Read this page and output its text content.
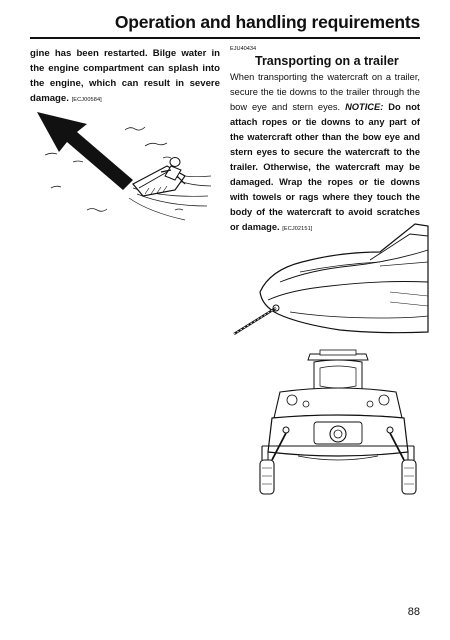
Operation and handling requirements
gine has been restarted. Bilge water in the engine compartment can splash into the engine, which can result in severe damage. [ECJ00584]
EJU40434
Transporting on a trailer
When transporting the watercraft on a trailer, secure the tie downs to the trailer through the bow eye and stern eyes. NOTICE: Do not attach ropes or tie downs to any part of the watercraft other than the bow eye and stern eyes to secure the watercraft to the trailer. Otherwise, the watercraft may be damaged. Wrap the ropes or tie downs with towels or rags where they touch the body of the watercraft to avoid scratches or damage. [ECJ02151]
88
